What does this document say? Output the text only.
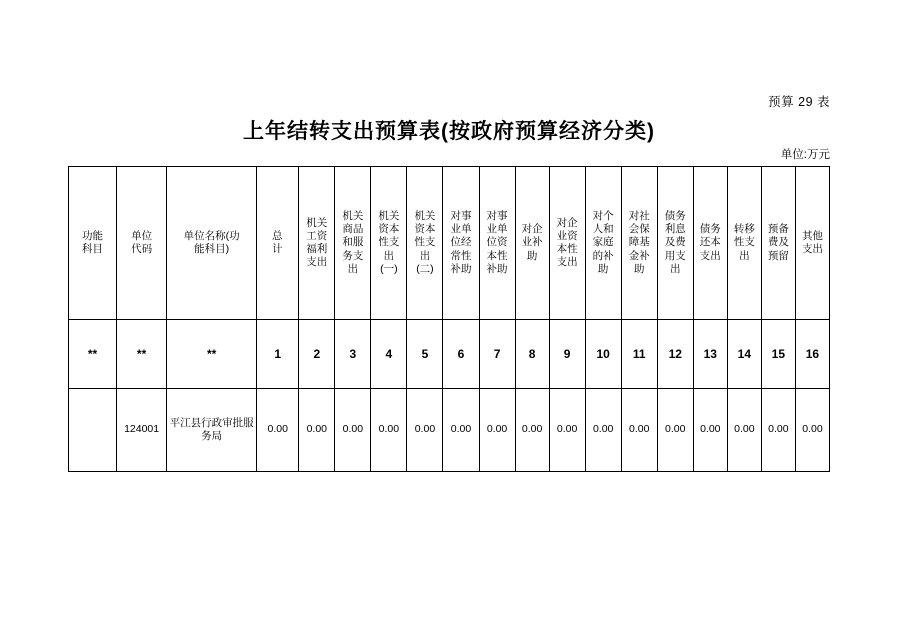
预算 29 表
上年结转支出预算表(按政府预算经济分类)
单位:万元
功能科目	单位代码	单位名称(功能科目)	总　计	机关工资福利支出	机关商品和服务支出	机关资本性支出(一)	机关资本性支出(二)	对事业单位经常性补助	对事业单位资本性补助	对企业补助	对企业资本性支出	对个人和家庭的补助	对社会保障基金补助	债务利息及费用支出	债务还本支出	转移性支出	预备费及预留	其他支出
**	**	**	1	2	3	4	5	6	7	8	9	10	11	12	13	14	15	16
	124001	平江县行政审批服务局	0.00	0.00	0.00	0.00	0.00	0.00	0.00	0.00	0.00	0.00	0.00	0.00	0.00	0.00	0.00	0.00
